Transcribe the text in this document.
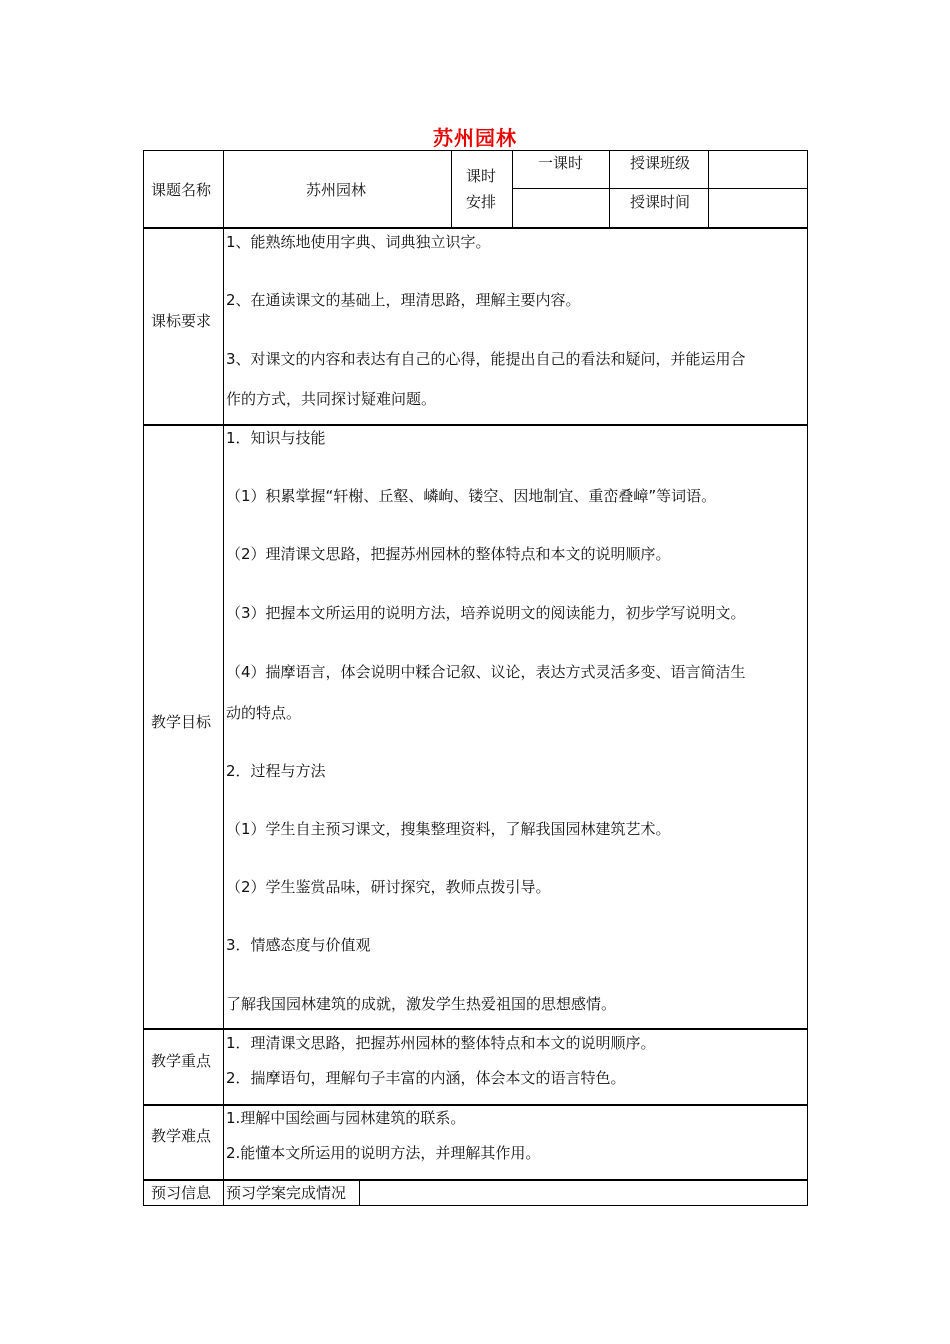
苏州园林
课题名称	苏州园林
课时
安排
一课时	授课班级
授课时间
课标要求
1、能熟练地使用字典、词典独立识字。
2、在通读课文的基础上，理清思路，理解主要内容。
3、对课文的内容和表达有自己的心得，能提出自己的看法和疑问，并能运用合
作的方式，共同探讨疑难问题。
教学目标
1．知识与技能
（1）积累掌握“轩榭、丘壑、嶙峋、镂空、因地制宜、重峦叠嶂”等词语。
（2）理清课文思路，把握苏州园林的整体特点和本文的说明顺序。
（3）把握本文所运用的说明方法，培养说明文的阅读能力，初步学写说明文。
（4）揣摩语言，体会说明中糅合记叙、议论，表达方式灵活多变、语言简洁生
动的特点。
2．过程与方法
（1）学生自主预习课文，搜集整理资料，了解我国园林建筑艺术。
（2）学生鉴赏品味，研讨探究，教师点拨引导。
3．情感态度与价值观
了解我国园林建筑的成就，激发学生热爱祖国的思想感情。
教学重点
1．理清课文思路，把握苏州园林的整体特点和本文的说明顺序。
2．揣摩语句，理解句子丰富的内涵，体会本文的语言特色。
教学难点
1.理解中国绘画与园林建筑的联系。
2.能懂本文所运用的说明方法，并理解其作用。
预习信息 预习学案完成情况
